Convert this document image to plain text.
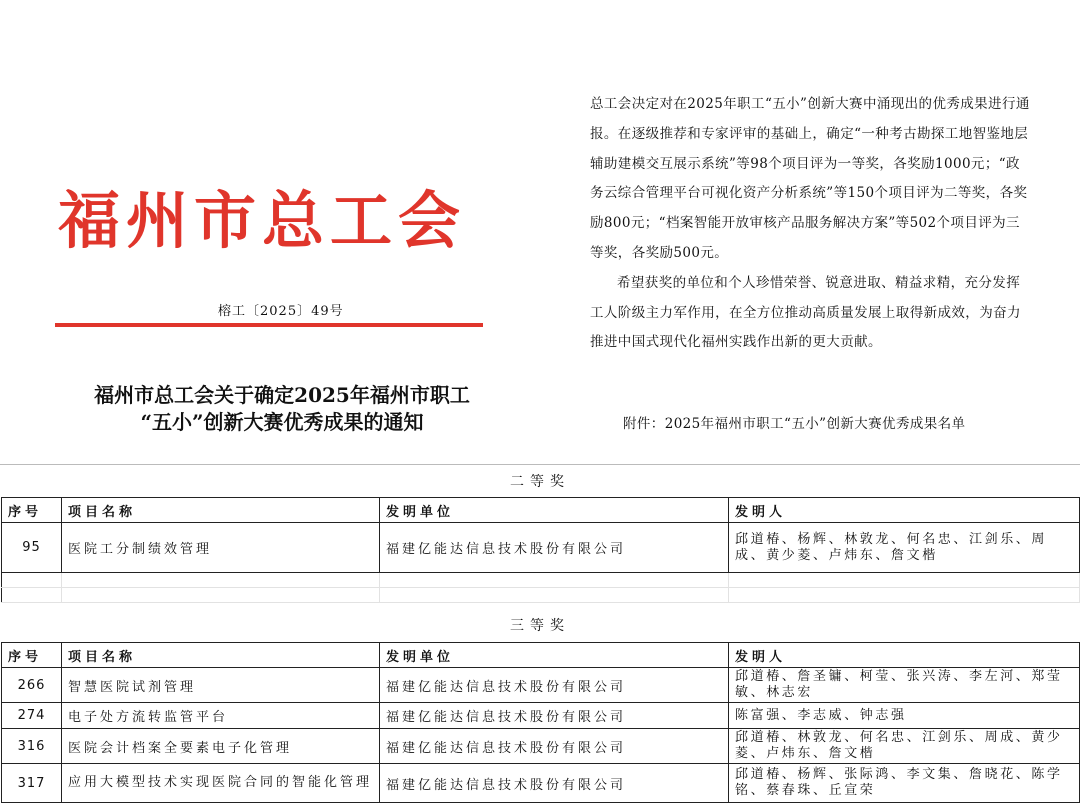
福州市总工会
榕工〔2025〕49号
福州市总工会关于确定2025年福州市职工
“五小”创新大赛优秀成果的通知

总工会决定对在2025年职工“五小”创新大赛中涌现出的优秀成果进行通报。在逐级推荐和专家评审的基础上，确定“一种考古勘探工地智鉴地层辅助建模交互展示系统”等98个项目评为一等奖，各奖励1000元；“政务云综合管理平台可视化资产分析系统”等150个项目评为二等奖，各奖励800元；“档案智能开放审核产品服务解决方案”等502个项目评为三等奖，各奖励500元。

希望获奖的单位和个人珍惜荣誉、锐意进取、精益求精，充分发挥工人阶级主力军作用，在全方位推动高质量发展上取得新成效，为奋力推进中国式现代化福州实践作出新的更大贡献。

附件：2025年福州市职工“五小”创新大赛优秀成果名单
二等奖
序号	项目名称	发明单位	发明人
95	医院工分制绩效管理	福建亿能达信息技术股份有限公司	邱道椿、杨辉、林敦龙、何名忠、江剑乐、周成、黄少菱、卢炜东、詹文楷

三等奖
序号	项目名称	发明单位	发明人
266	智慧医院试剂管理	福建亿能达信息技术股份有限公司	邱道椿、詹圣镛、柯莹、张兴涛、李左河、郑莹敏、林志宏
274	电子处方流转监管平台	福建亿能达信息技术股份有限公司	陈富强、李志威、钟志强
316	医院会计档案全要素电子化管理	福建亿能达信息技术股份有限公司	邱道椿、林敦龙、何名忠、江剑乐、周成、黄少菱、卢炜东、詹文楷
317	应用大模型技术实现医院合同的智能化管理	福建亿能达信息技术股份有限公司	邱道椿、杨辉、张际鸿、李文集、詹晓花、陈学铭、蔡春珠、丘宣荣
